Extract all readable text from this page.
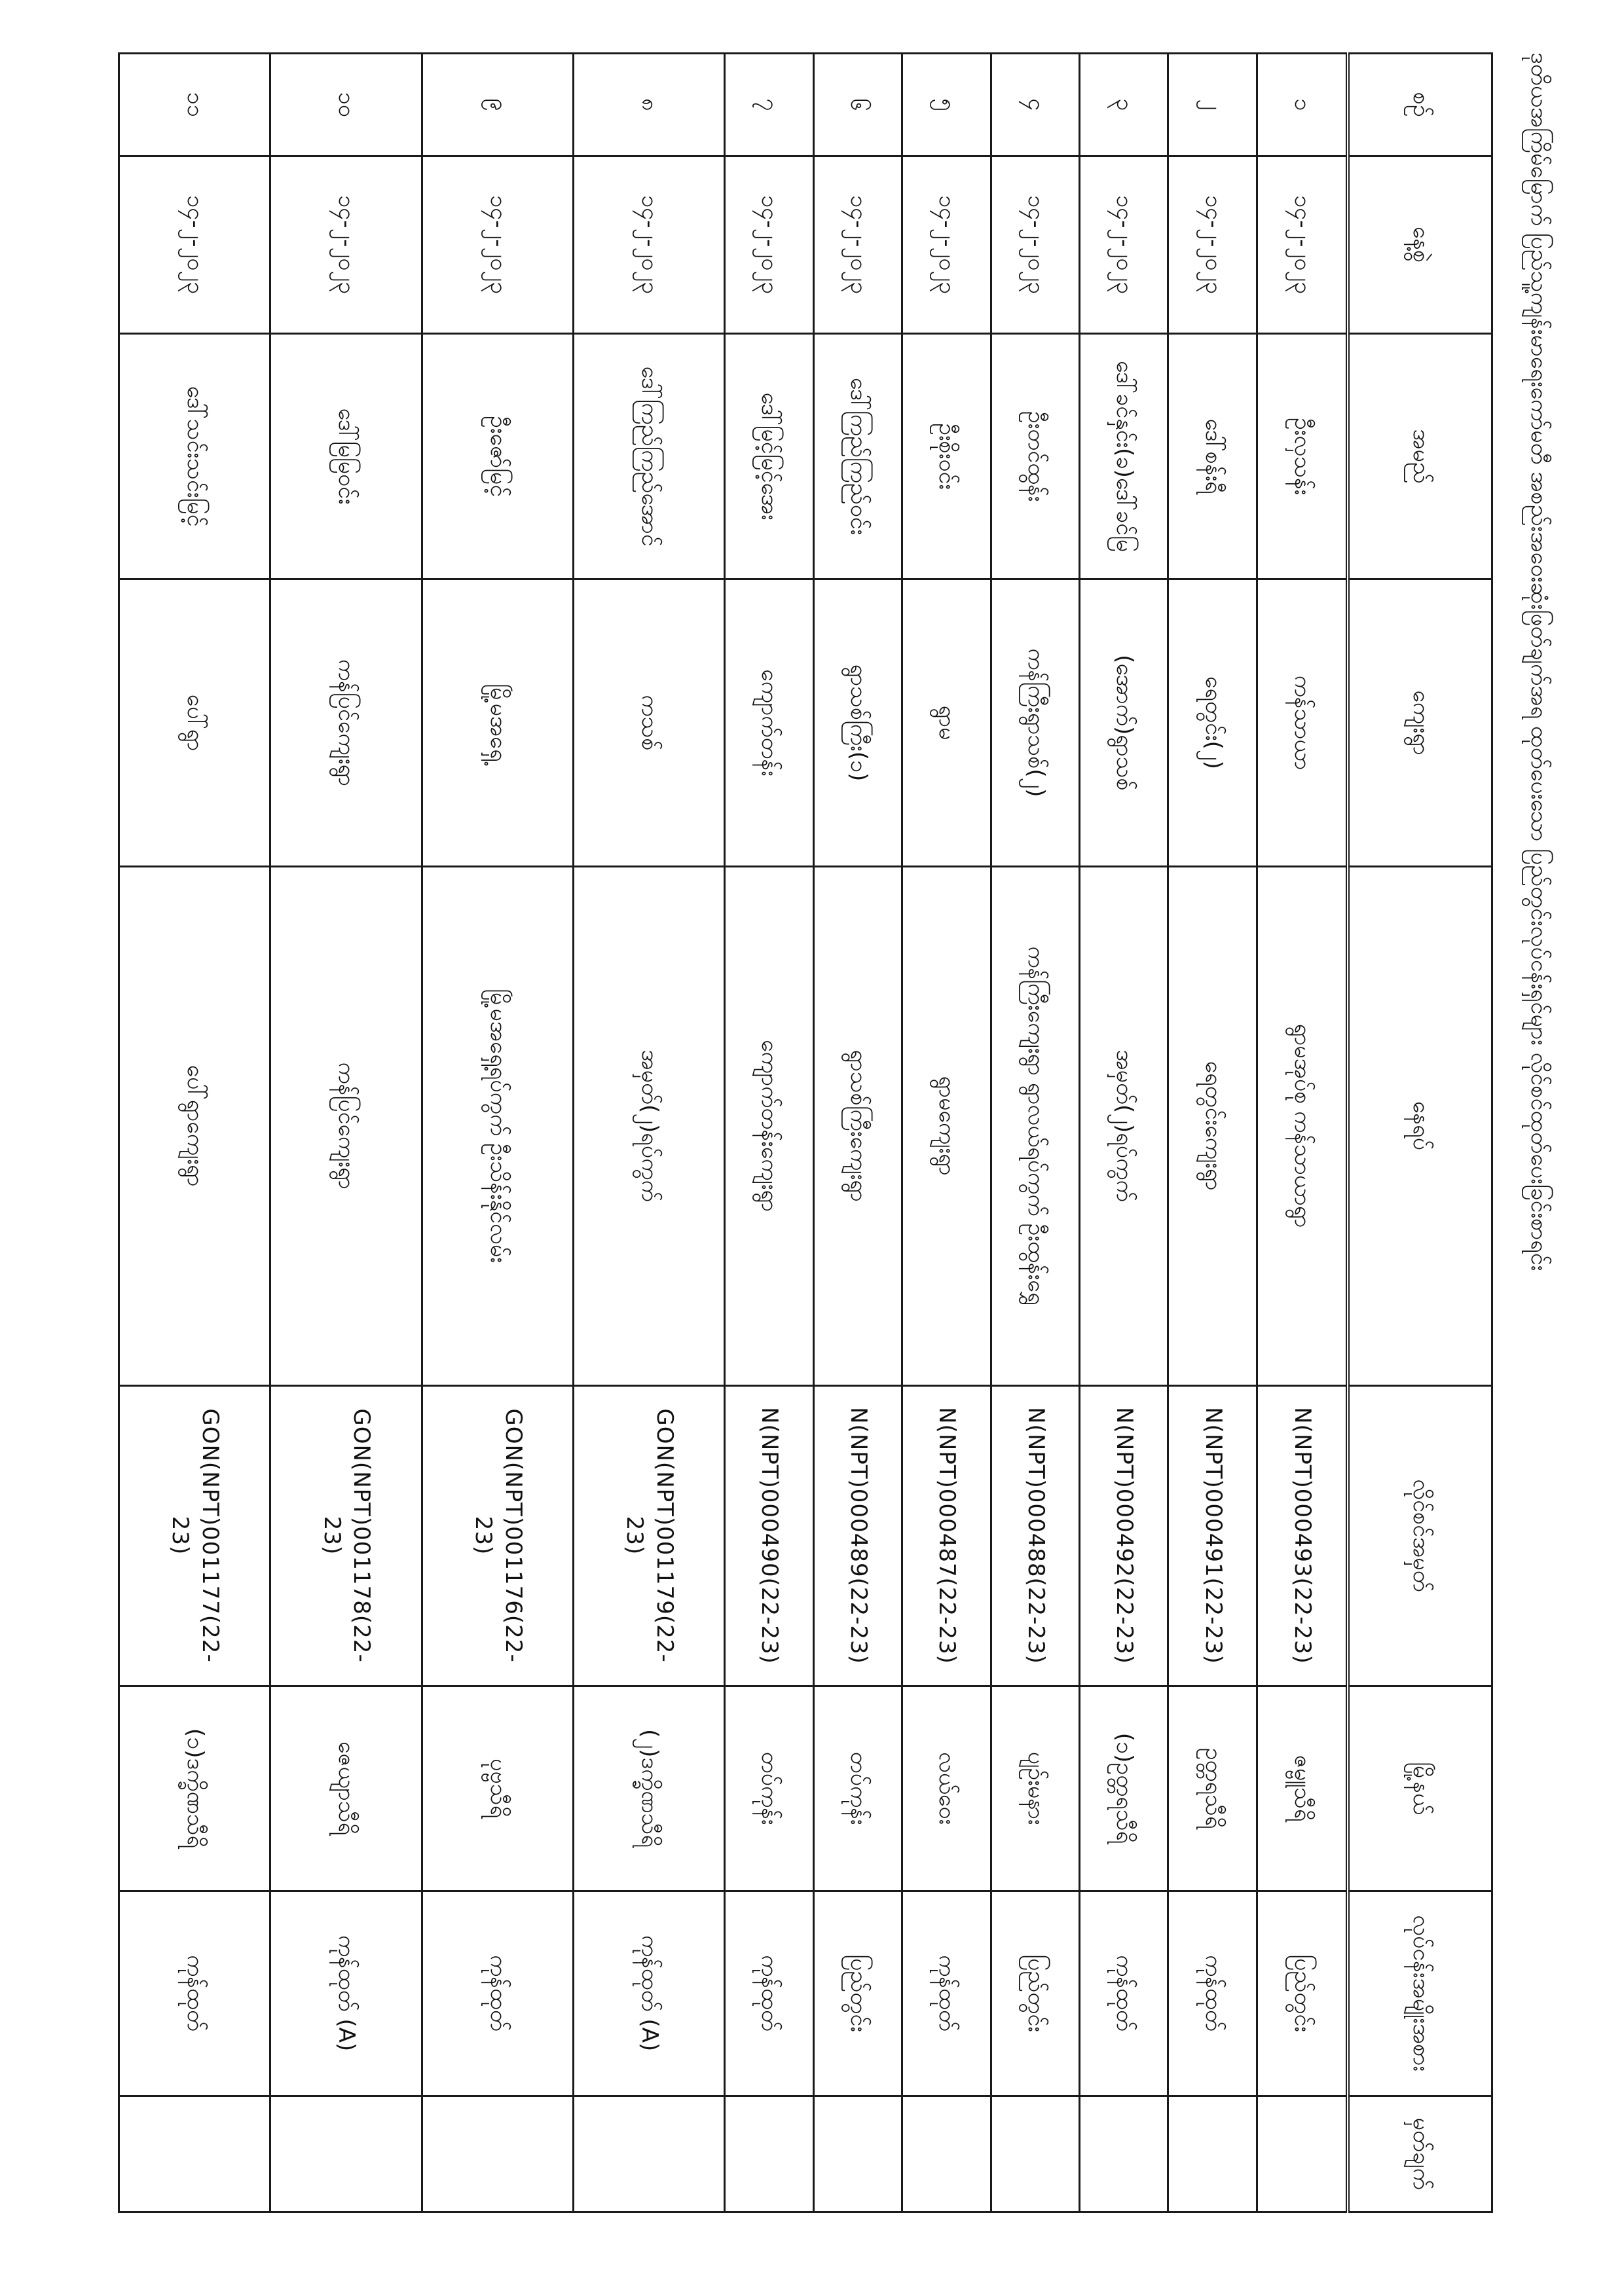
ဒုတိယအကြိမ်မြောက် ပြည်သူ့ကျန်းမာရေးကော်မတီ အစည်းအဝေးဆုံးဖြတ်ချက်အရ ထုတ်ပေးသော ပြည်တွင်းလုပ်ငန်းရှင်များ လိုင်စင်ထုတ်ပေးခြင်းစာရင်း
စဉ်	နေ့စွဲ	အမည်	ကျေးရွာ	နေရပ်	လိုင်စင်အမှတ်	မြို့နယ်	လုပ်ငန်းအမျိုးအစား	မှတ်ချက်
၁	၁၄-၂-၂၀၂၃	ဦးလှသန်း	ကန်သာယာ	ရွာမအုပ်စု ကန်သာယာရွာ	N(NPT)000493(22-23)	ဇမ္ဗူသီရိ	ပြည်တွင်း	
၂	၁၄-၂-၂၀၂၃	ဒေါ်စန်းရီ	ရေတွင်း(၂)	ရေတွင်းကျေးရွာ	N(NPT)000491(22-23)	ဥတ္တရသီရိ	ကုန်ထုတ်	
၃	၁၄-၂-၂၀၂၃	ဒေါ်ခင်နှင်း(ခ)ဒေါ်ခင်မြ	(အောက်)ရွာသစ်	အမှတ်(၂)ရပ်ကွက်	N(NPT)000492(22-23)	(၁)ဥတ္တရသီရိ	ကုန်ထုတ်	
၄	၁၄-၂-၂၀၂၃	ဦးတင်ထွန်း	ကန်ကြီးရွာသစ်(၂)	ကန်ကြီးကျေးရွာ ရွာလယ်ရပ်ကွက် ဦးထွန်းရွှေ	N(NPT)000488(22-23)	ပျဉ်းမနား	ပြည်တွင်း	
၅	၁၄-၂-၂၀၂၃	ဦးစိုးဝင်း	ရွာမ	ရွာမကျေးရွာ	N(NPT)000487(22-23)	လယ်ဝေး	ကုန်ထုတ်	
၆	၁၄-၂-၂၀၂၃	ဒေါ်ကြည်ကြည်ဝင်း	ရွာသစ်ကြီး(၁)	ရွာသစ်ကြီးကျေးရွာ	N(NPT)000489(22-23)	တပ်ကုန်း	ပြည်တွင်း	
၇	၁၄-၂-၂၀၂၃	ဒေါ်မြင့်မြင့်အေး	ကျောက်တန်း	ကျောက်တန်းကျေးရွာ	N(NPT)000490(22-23)	တပ်ကုန်း	ကုန်ထုတ်	
၈	၁၄-၂-၂၀၂၃	ဒေါ်ကြည်ကြည်အောင်	ကသစ်	အမှတ်(၂)ရပ်ကွက်	GON(NPT)001179(22-23)	(၂)ဒက္ခိဏသီရိ	ကုန်ထုတ် (A)	
၉	၁၄-၂-၂၀၂၃	ဦးဇော်မြင့်	မြို့မအရှေ့	မြို့မအရှေ့ရပ်ကွက် ဦးသိန်းနိုင်လမ်း	GON(NPT)001176(22-23)	ပုဗ္ဗသီရိ	ကုန်ထုတ်	
၁၀	၁၄-၂-၂၀၂၃	ဒေါ်မြမြဝင်း	ကန်ပြင်ကျေးရွာ	ကန်ပြင်ကျေးရွာ	GON(NPT)001178(22-23)	ဇေယျာသီရိ	ကုန်ထုတ် (A)	
၁၁	၁၄-၂-၂၀၂၃	ဒေါ်သင်းသင်းမြင့်	ပေါ်ရွာ	ပေါ်ရွာကျေးရွာ	GON(NPT)001177(22-23)	(၁)ဒက္ခိဏသီရိ	ကုန်ထုတ်	
